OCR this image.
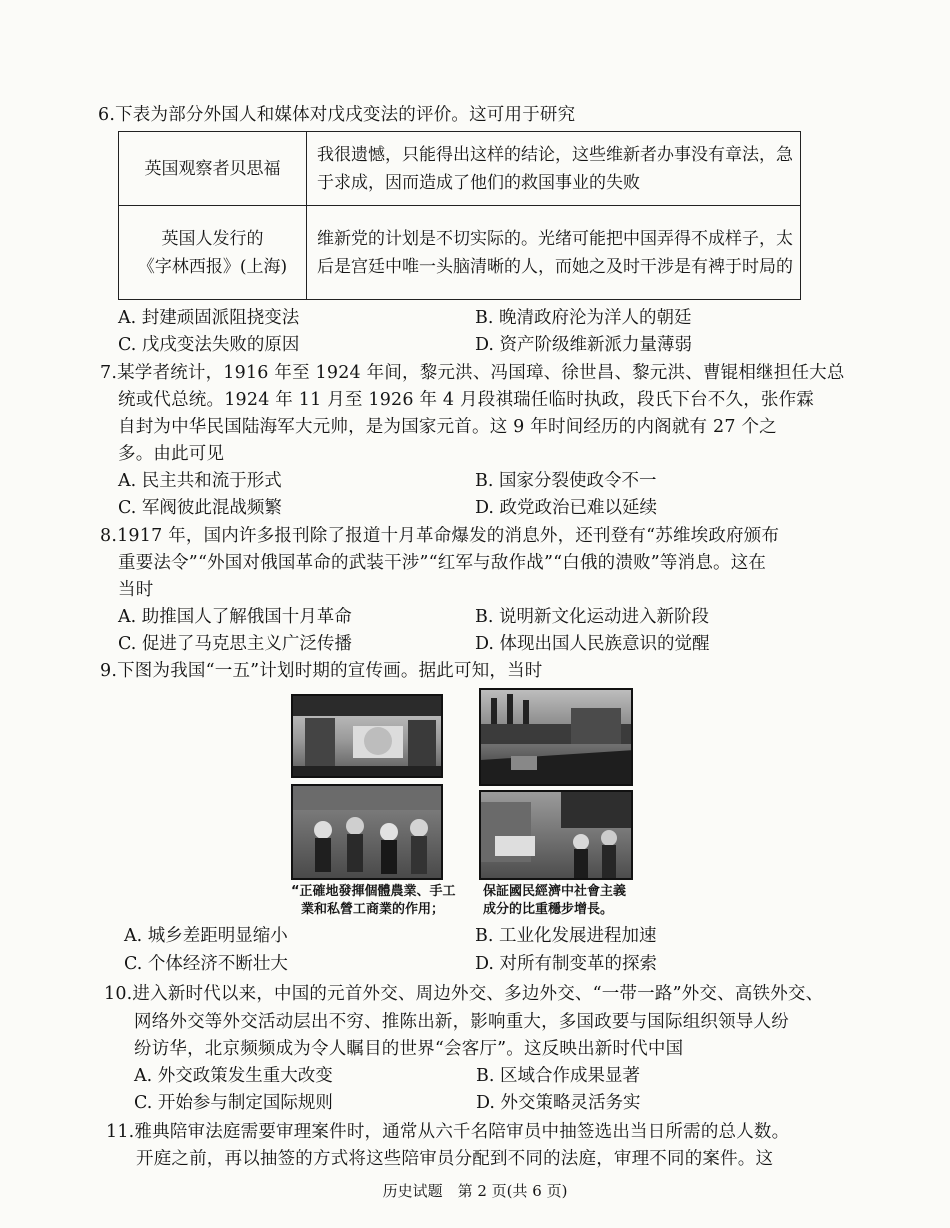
6.下表为部分外国人和媒体对戊戌变法的评价。这可用于研究
英国观察者贝思福	我很遗憾，只能得出这样的结论，这些维新者办事没有章法，急于求成，因而造成了他们的救国事业的失败

英国人发行的
《字林西报》(上海)	维新党的计划是不切实际的。光绪可能把中国弄得不成样子，太后是宫廷中唯一头脑清晰的人，而她之及时干涉是有裨于时局的
A. 封建顽固派阻挠变法	B. 晚清政府沦为洋人的朝廷
C. 戊戌变法失败的原因	D. 资产阶级维新派力量薄弱
7.某学者统计，1916 年至 1924 年间，黎元洪、冯国璋、徐世昌、黎元洪、曹锟相继担任大总
统或代总统。1924 年 11 月至 1926 年 4 月段祺瑞任临时执政，段氏下台不久，张作霖
自封为中华民国陆海军大元帅，是为国家元首。这 9 年时间经历的内阁就有 27 个之
多。由此可见
A. 民主共和流于形式	B. 国家分裂使政令不一
C. 军阀彼此混战频繁	D. 政党政治已难以延续
8.1917 年，国内许多报刊除了报道十月革命爆发的消息外，还刊登有“苏维埃政府颁布
重要法令”“外国对俄国革命的武装干涉”“红军与敌作战”“白俄的溃败”等消息。这在
当时
A. 助推国人了解俄国十月革命	B. 说明新文化运动进入新阶段
C. 促进了马克思主义广泛传播	D. 体现出国人民族意识的觉醒
9.下图为我国“一五”计划时期的宣传画。据此可知，当时
“正確地發揮個體農業、手工
業和私營工商業的作用；
保証國民經濟中社會主義
成分的比重穩步增長。
A. 城乡差距明显缩小	B. 工业化发展进程加速
C. 个体经济不断壮大	D. 对所有制变革的探索
10.进入新时代以来，中国的元首外交、周边外交、多边外交、“一带一路”外交、高铁外交、
网络外交等外交活动层出不穷、推陈出新，影响重大，多国政要与国际组织领导人纷
纷访华，北京频频成为令人瞩目的世界“会客厅”。这反映出新时代中国
A. 外交政策发生重大改变	B. 区域合作成果显著
C. 开始参与制定国际规则	D. 外交策略灵活务实
11.雅典陪审法庭需要审理案件时，通常从六千名陪审员中抽签选出当日所需的总人数。
开庭之前，再以抽签的方式将这些陪审员分配到不同的法庭，审理不同的案件。这
历史试题　第 2 页(共 6 页)
